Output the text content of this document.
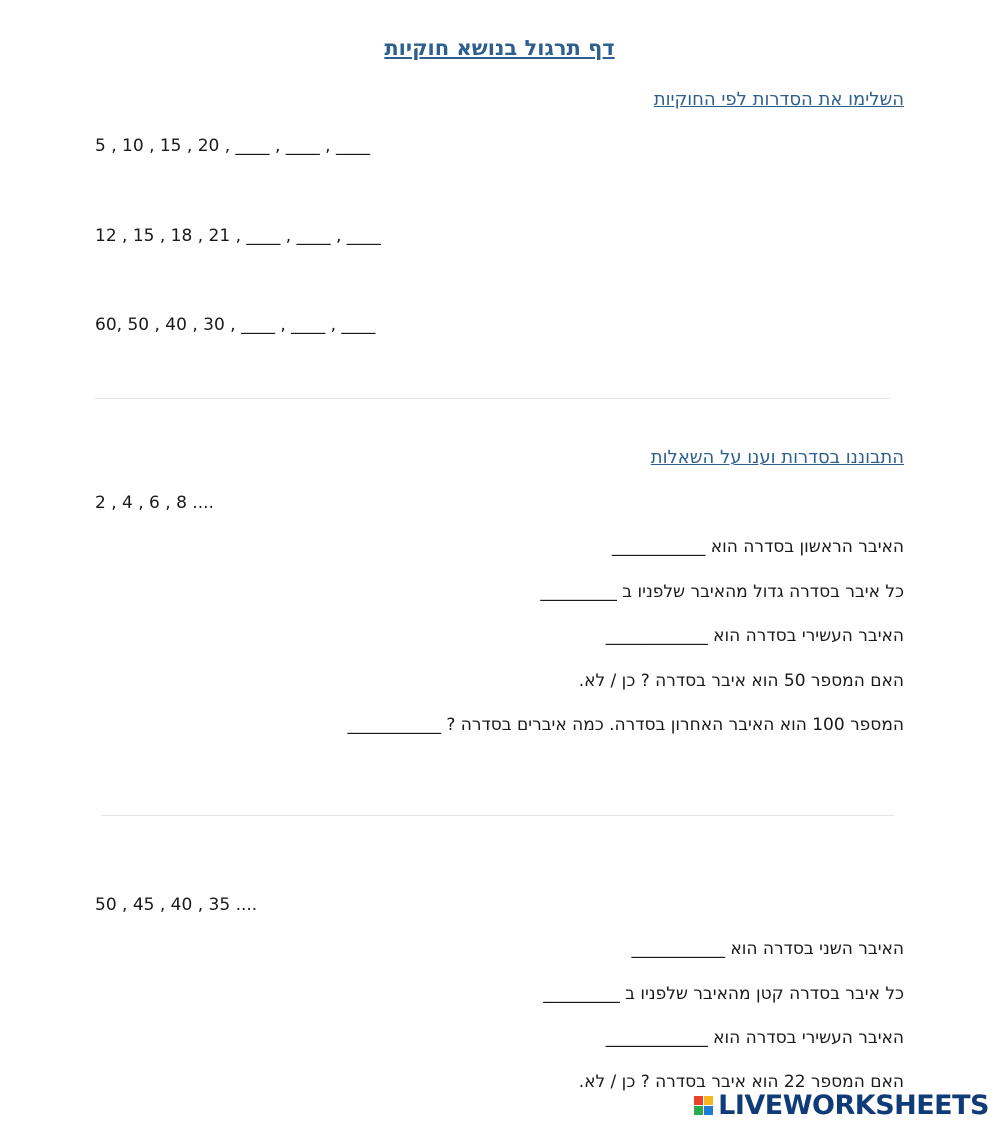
דף תרגול בנושא חוקיות
השלימו את הסדרות לפי החוקיות
5 , 10 , 15 , 20 , ____ , ____ , ____
12 , 15 , 18 , 21 , ____ , ____ , ____
60, 50 , 40 , 30 , ____ , ____ , ____
התבוננו בסדרות וענו על השאלות
2 , 4 , 6 , 8 ....
האיבר הראשון בסדרה הוא ___________
כל איבר בסדרה גדול מהאיבר שלפניו ב _________
האיבר העשירי בסדרה הוא ____________
האם המספר 50 הוא איבר בסדרה ? כן / לא.
המספר 100 הוא האיבר האחרון בסדרה. כמה איברים בסדרה ? ___________
50 , 45 , 40 , 35 ....
האיבר השני בסדרה הוא ___________
כל איבר בסדרה קטן מהאיבר שלפניו ב _________
האיבר העשירי בסדרה הוא ____________
האם המספר 22 הוא איבר בסדרה ? כן / לא.
LIVEWORKSHEETS
